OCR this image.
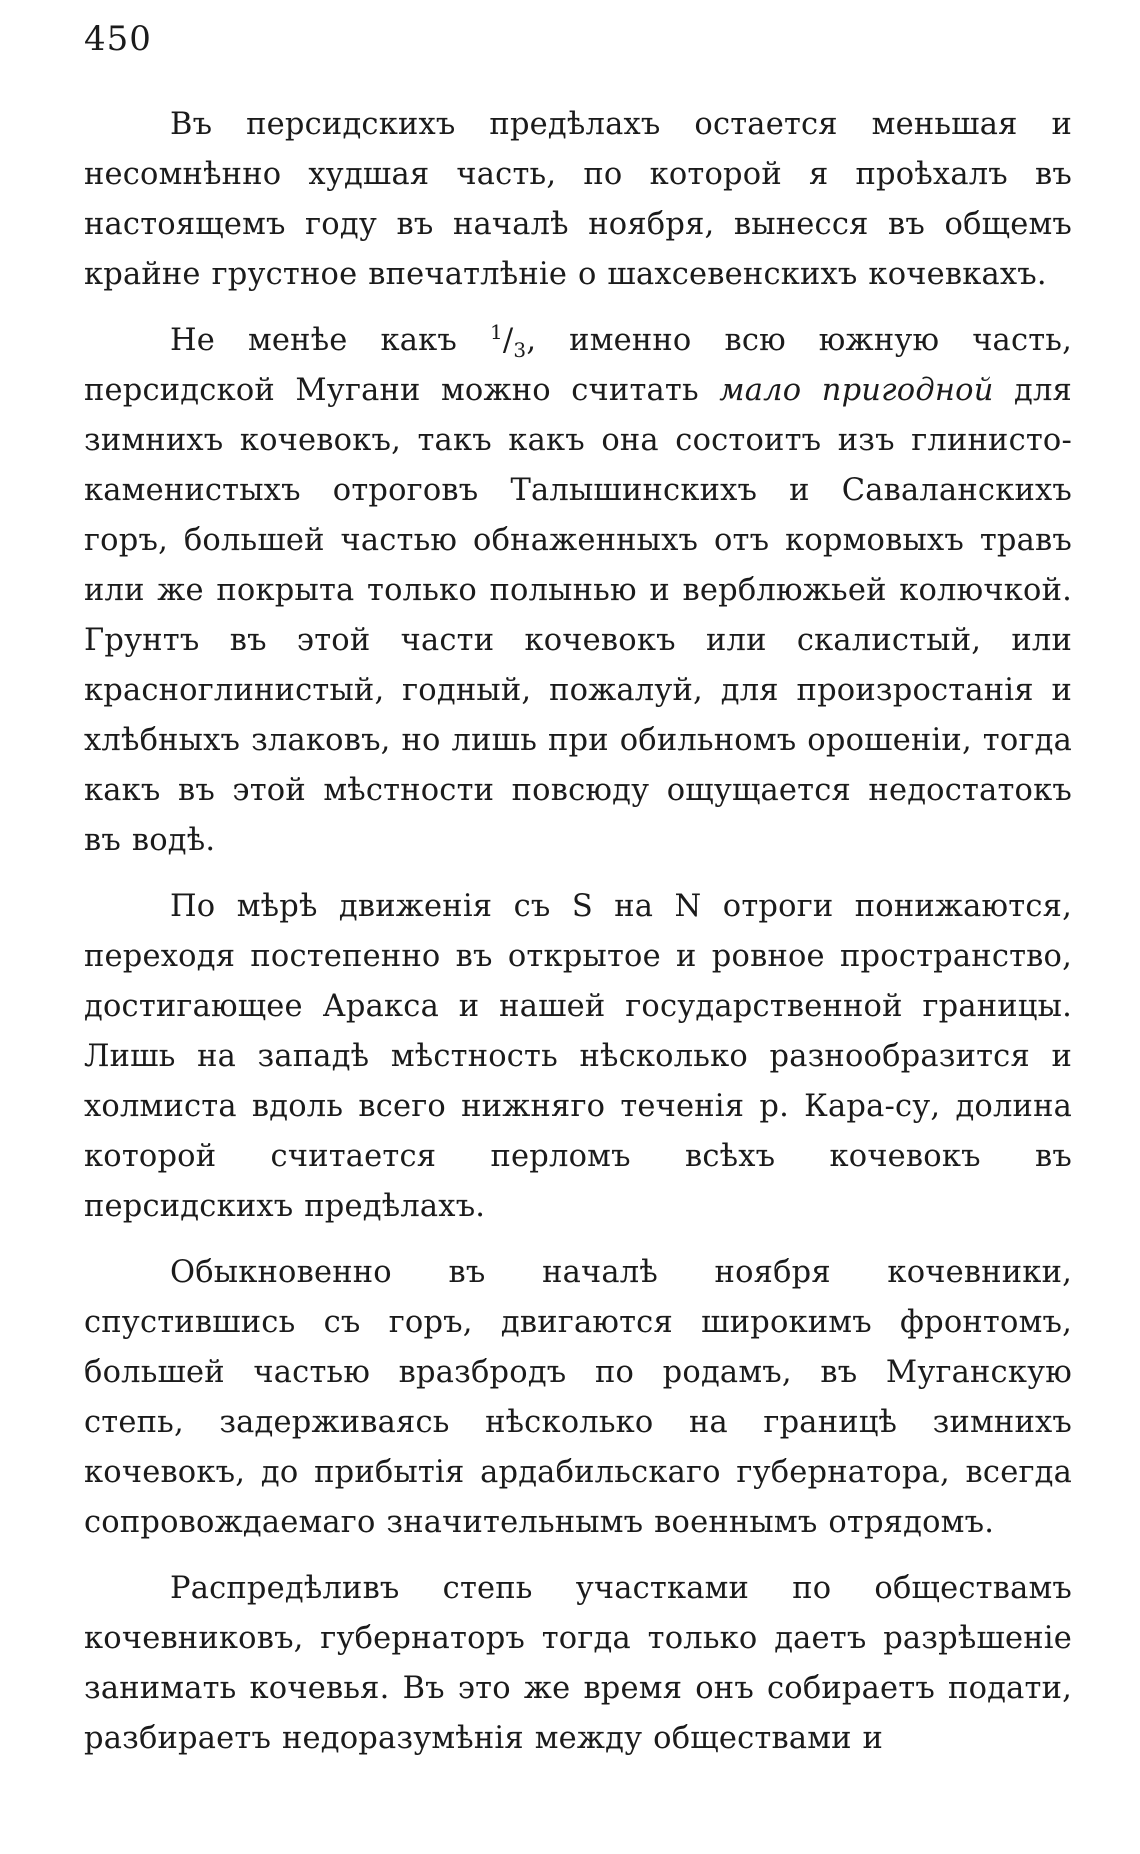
450

Въ персидскихъ предѣлахъ остается меньшая и несомнѣнно худшая часть, по которой я проѣхалъ въ настоящемъ году въ началѣ ноября, вынесся въ общемъ крайне грустное впечатлѣніе о шахсевенскихъ кочевкахъ.

Не менѣе какъ $^1/_3$, именно всю южную часть, персидской Мугани можно считать мало пригодной для зимнихъ кочевокъ, такъ какъ она состоитъ изъ глинисто-каменистыхъ отроговъ Талышинскихъ и Саваланскихъ горъ, большей частью обнаженныхъ отъ кормовыхъ травъ или же покрыта только полынью и верблюжьей колючкой. Грунтъ въ этой части кочевокъ или скалистый, или красноглинистый, годный, пожалуй, для произростанія и хлѣбныхъ злаковъ, но лишь при обильномъ орошеніи, тогда какъ въ этой мѣстности повсюду ощущается недостатокъ въ водѣ.

По мѣрѣ движенія съ S на N отроги понижаются, переходя постепенно въ открытое и ровное пространство, достигающее Аракса и нашей государственной границы. Лишь на западѣ мѣстность нѣсколько разнообразится и холмиста вдоль всего нижняго теченія р. Кара-су, долина которой считается перломъ всѣхъ кочевокъ въ персидскихъ предѣлахъ.

Обыкновенно въ началѣ ноября кочевники, спустившись съ горъ, двигаются широкимъ фронтомъ, большей частью вразбродъ по родамъ, въ Муганскую степь, задерживаясь нѣсколько на границѣ зимнихъ кочевокъ, до прибытія ардабильскаго губернатора, всегда сопровождаемаго значительнымъ военнымъ отрядомъ.

Распредѣливъ степь участками по обществамъ кочевниковъ, губернаторъ тогда только даетъ разрѣшеніе занимать кочевья. Въ это же время онъ собираетъ подати, разбираетъ недоразумѣнія между обществами и
